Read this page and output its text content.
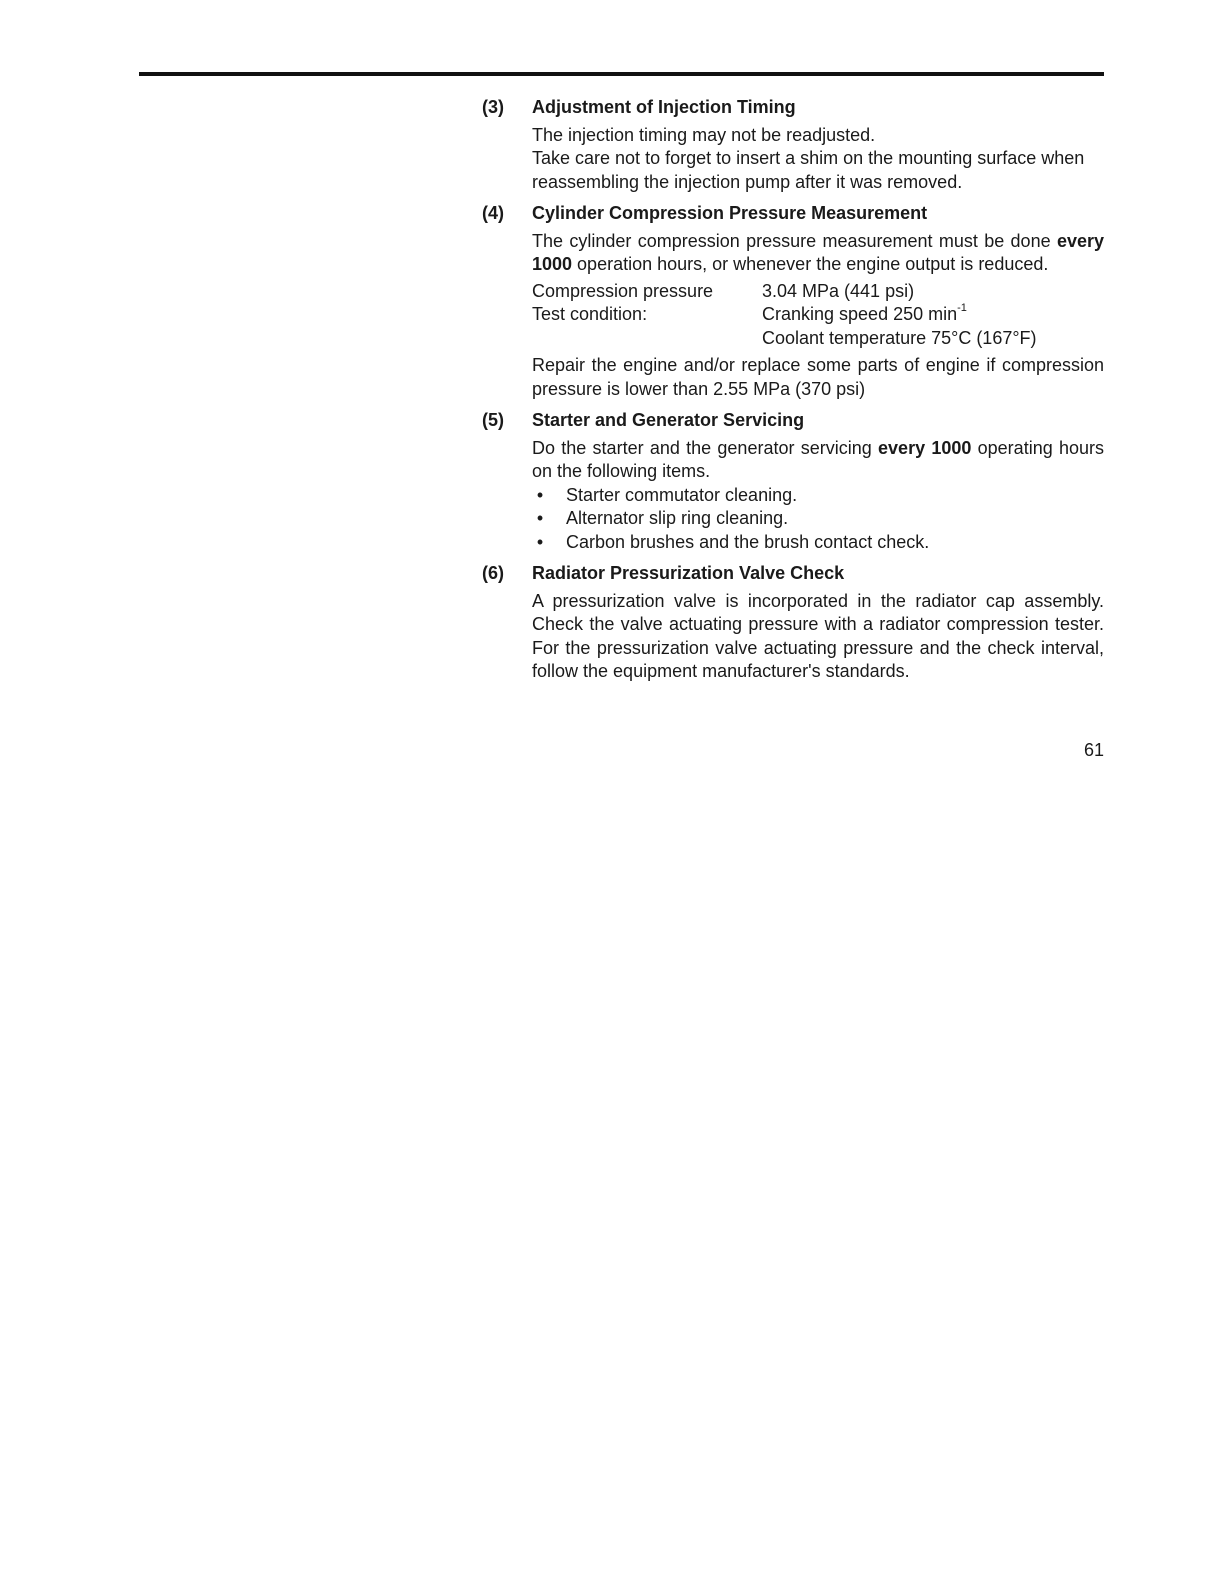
(3) Adjustment of Injection Timing

The injection timing may not be readjusted.

Take care not to forget to insert a shim on the mounting surface when reassembling the injection pump after it was removed.

(4) Cylinder Compression Pressure Measurement

The cylinder compression pressure measurement must be done every 1000 operation hours, or whenever the engine output is reduced.

Compression pressure	3.04 MPa (441 psi)
Test condition:	Cranking speed 250 $\min^{-1}$
Coolant temperature 75°C (167°F)

Repair the engine and/or replace some parts of engine if compression pressure is lower than 2.55 MPa (370 psi)

(5) Starter and Generator Servicing

Do the starter and the generator servicing every 1000 operating hours on the following items.

• Starter commutator cleaning.
• Alternator slip ring cleaning.
• Carbon brushes and the brush contact check.
(6) Radiator Pressurization Valve Check

A pressurization valve is incorporated in the radiator cap assembly. Check the valve actuating pressure with a radiator compression tester. For the pressurization valve actuating pressure and the check interval, follow the equipment manufacturer's standards.

61
